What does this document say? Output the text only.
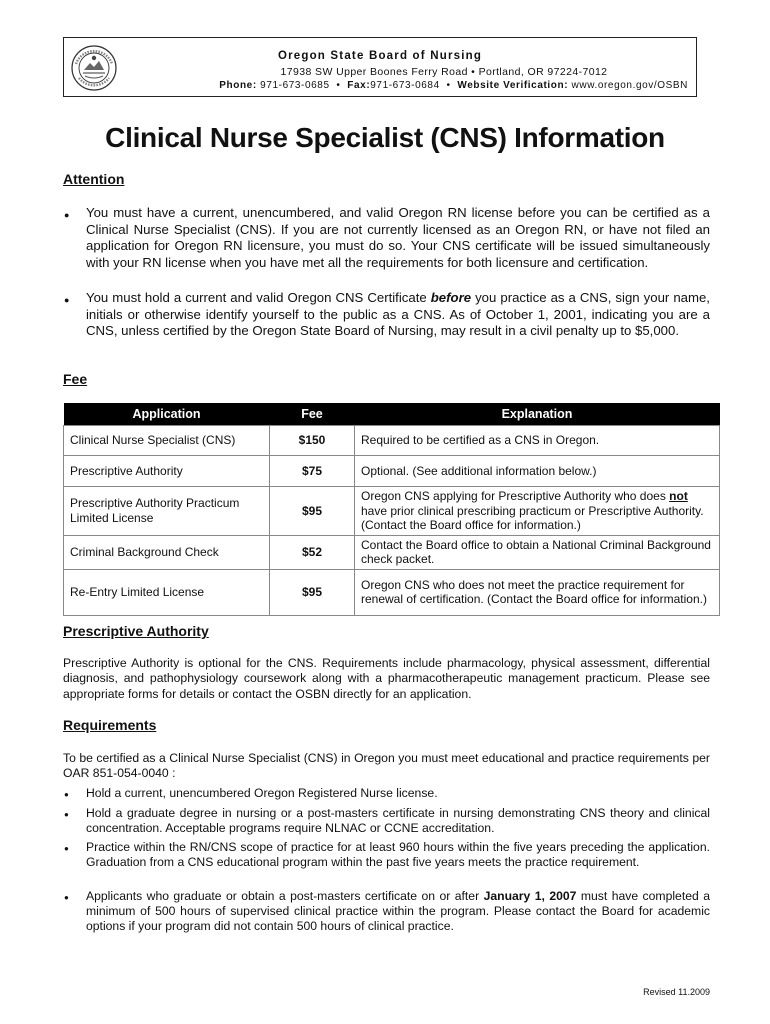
Oregon State Board of Nursing
17938 SW Upper Boones Ferry Road • Portland, OR 97224-7012
Phone: 971-673-0685 • Fax:971-673-0684 • Website Verification: www.oregon.gov/OSBN
Clinical Nurse Specialist (CNS) Information
Attention
● You must have a current, unencumbered, and valid Oregon RN license before you can be certified as a Clinical Nurse Specialist (CNS). If you are not currently licensed as an Oregon RN, or have not filed an application for Oregon RN licensure, you must do so. Your CNS certificate will be issued simultaneously with your RN license when you have met all the requirements for both licensure and certification.
● You must hold a current and valid Oregon CNS Certificate before you practice as a CNS, sign your name, initials or otherwise identify yourself to the public as a CNS. As of October 1, 2001, indicating you are a CNS, unless certified by the Oregon State Board of Nursing, may result in a civil penalty up to $5,000.
Fee
Application	Fee	Explanation
Clinical Nurse Specialist (CNS)	$150	Required to be certified as a CNS in Oregon.
Prescriptive Authority	$75	Optional. (See additional information below.)
Prescriptive Authority Practicum Limited License	$95	Oregon CNS applying for Prescriptive Authority who does not have prior clinical prescribing practicum or Prescriptive Authority. (Contact the Board office for information.)
Criminal Background Check	$52	Contact the Board office to obtain a National Criminal Background check packet.
Re-Entry Limited License	$95	Oregon CNS who does not meet the practice requirement for renewal of certification. (Contact the Board office for information.)
Prescriptive Authority
Prescriptive Authority is optional for the CNS. Requirements include pharmacology, physical assessment, differential diagnosis, and pathophysiology coursework along with a pharmacotherapeutic management practicum. Please see appropriate forms for details or contact the OSBN directly for an application.
Requirements
To be certified as a Clinical Nurse Specialist (CNS) in Oregon you must meet educational and practice requirements per OAR 851-054-0040 :
● Hold a current, unencumbered Oregon Registered Nurse license.
● Hold a graduate degree in nursing or a post-masters certificate in nursing demonstrating CNS theory and clinical concentration. Acceptable programs require NLNAC or CCNE accreditation.
● Practice within the RN/CNS scope of practice for at least 960 hours within the five years preceding the application. Graduation from a CNS educational program within the past five years meets the practice requirement.
● Applicants who graduate or obtain a post-masters certificate on or after January 1, 2007 must have completed a minimum of 500 hours of supervised clinical practice within the program. Please contact the Board for academic options if your program did not contain 500 hours of clinical practice.
Revised 11.2009
